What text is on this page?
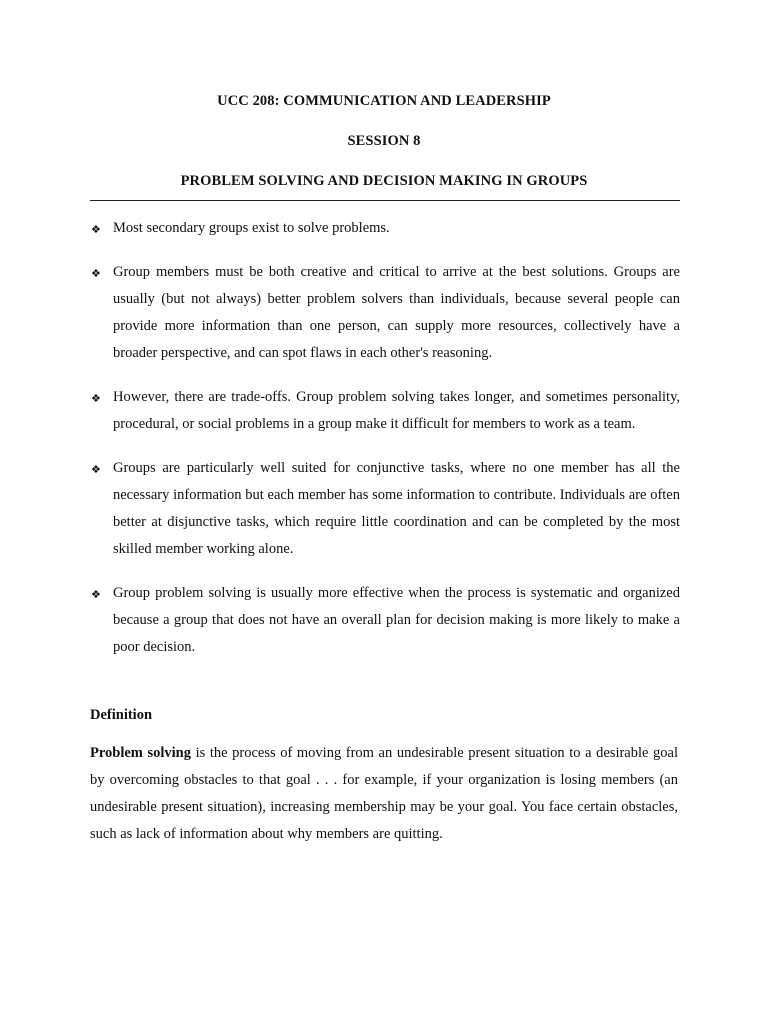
UCC 208: COMMUNICATION AND LEADERSHIP
SESSION 8
PROBLEM SOLVING AND DECISION MAKING IN GROUPS
❖ Most secondary groups exist to solve problems.
❖ Group members must be both creative and critical to arrive at the best solutions. Groups are usually (but not always) better problem solvers than individuals, because several people can provide more information than one person, can supply more resources, collectively have a broader perspective, and can spot flaws in each other's reasoning.
❖ However, there are trade-offs. Group problem solving takes longer, and sometimes personality, procedural, or social problems in a group make it difficult for members to work as a team.
❖ Groups are particularly well suited for conjunctive tasks, where no one member has all the necessary information but each member has some information to contribute. Individuals are often better at disjunctive tasks, which require little coordination and can be completed by the most skilled member working alone.
❖ Group problem solving is usually more effective when the process is systematic and organized because a group that does not have an overall plan for decision making is more likely to make a poor decision.
Definition
Problem solving is the process of moving from an undesirable present situation to a desirable goal by overcoming obstacles to that goal . . . for example, if your organization is losing members (an undesirable present situation), increasing membership may be your goal. You face certain obstacles, such as lack of information about why members are quitting.
